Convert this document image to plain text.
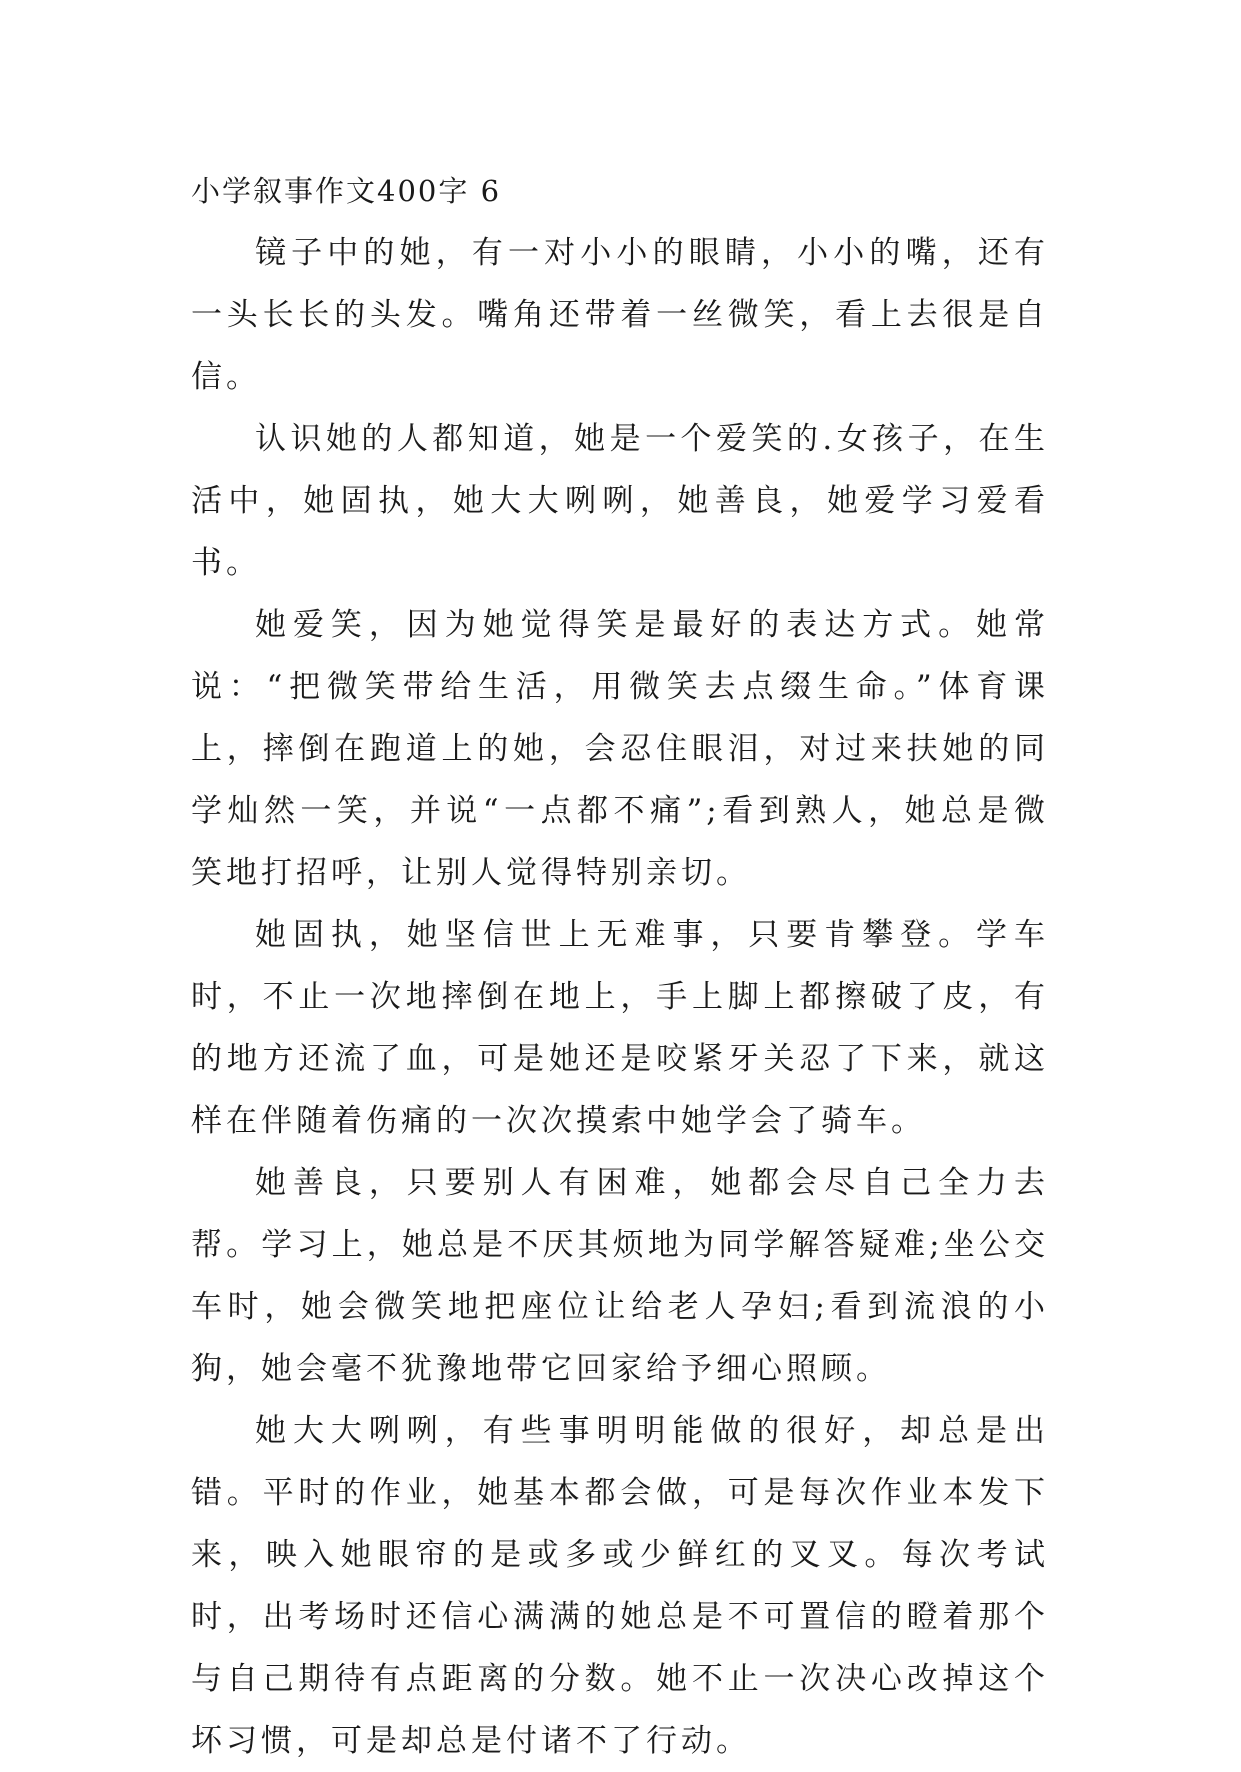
小学叙事作文400字 6

镜子中的她，有一对小小的眼睛，小小的嘴，还有一头长长的头发。嘴角还带着一丝微笑，看上去很是自信。

认识她的人都知道，她是一个爱笑的.女孩子，在生活中，她固执，她大大咧咧，她善良，她爱学习爱看书。

她爱笑，因为她觉得笑是最好的表达方式。她常说：“把微笑带给生活，用微笑去点缀生命。”体育课上，摔倒在跑道上的她，会忍住眼泪，对过来扶她的同学灿然一笑，并说“一点都不痛”;看到熟人，她总是微笑地打招呼，让别人觉得特别亲切。

她固执，她坚信世上无难事，只要肯攀登。学车时，不止一次地摔倒在地上，手上脚上都擦破了皮，有的地方还流了血，可是她还是咬紧牙关忍了下来，就这样在伴随着伤痛的一次次摸索中她学会了骑车。

她善良，只要别人有困难，她都会尽自己全力去帮。学习上，她总是不厌其烦地为同学解答疑难;坐公交车时，她会微笑地把座位让给老人孕妇;看到流浪的小狗，她会毫不犹豫地带它回家给予细心照顾。

她大大咧咧，有些事明明能做的很好，却总是出错。平时的作业，她基本都会做，可是每次作业本发下来，映入她眼帘的是或多或少鲜红的叉叉。每次考试时，出考场时还信心满满的她总是不可置信的瞪着那个与自己期待有点距离的分数。她不止一次决心改掉这个坏习惯，可是却总是付诸不了行动。
